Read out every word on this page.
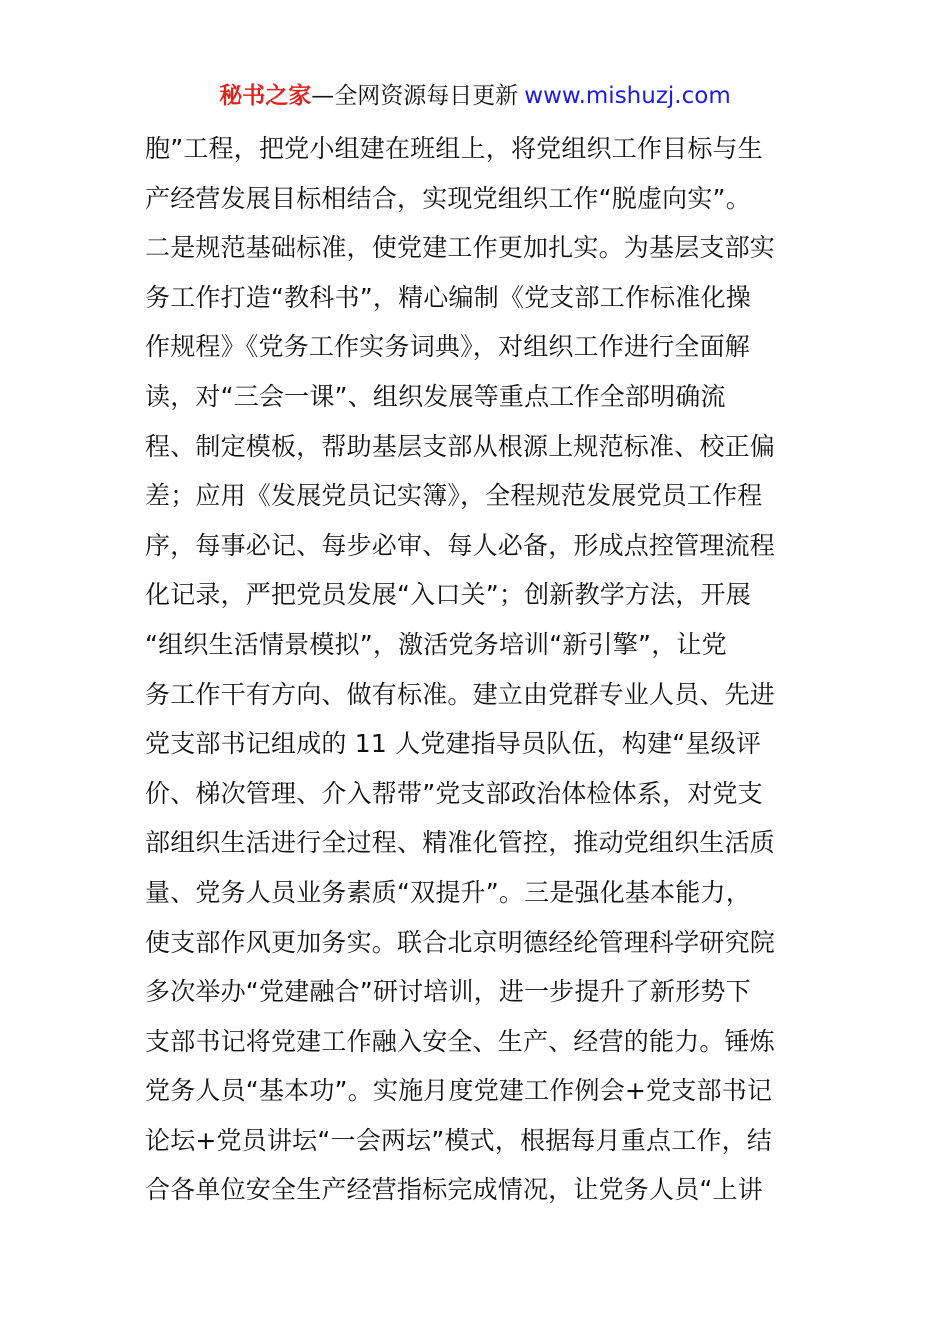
秘书之家—全网资源每日更新 www.mishuzj.com
胞”工程，把党小组建在班组上，将党组织工作目标与生
产经营发展目标相结合，实现党组织工作“脱虚向实”。
二是规范基础标准，使党建工作更加扎实。为基层支部实
务工作打造“教科书”，精心编制《党支部工作标准化操
作规程》《党务工作实务词典》，对组织工作进行全面解
读，对“三会一课”、组织发展等重点工作全部明确流
程、制定模板，帮助基层支部从根源上规范标准、校正偏
差；应用《发展党员记实簿》，全程规范发展党员工作程
序，每事必记、每步必审、每人必备，形成点控管理流程
化记录，严把党员发展“入口关”；创新教学方法，开展
“组织生活情景模拟”，激活党务培训“新引擎”，让党
务工作干有方向、做有标准。建立由党群专业人员、先进
党支部书记组成的 11 人党建指导员队伍，构建“星级评
价、梯次管理、介入帮带”党支部政治体检体系，对党支
部组织生活进行全过程、精准化管控，推动党组织生活质
量、党务人员业务素质“双提升”。三是强化基本能力，
使支部作风更加务实。联合北京明德经纶管理科学研究院
多次举办“党建融合”研讨培训，进一步提升了新形势下
支部书记将党建工作融入安全、生产、经营的能力。锤炼
党务人员“基本功”。实施月度党建工作例会+党支部书记
论坛+党员讲坛“一会两坛”模式，根据每月重点工作，结
合各单位安全生产经营指标完成情况，让党务人员“上讲
